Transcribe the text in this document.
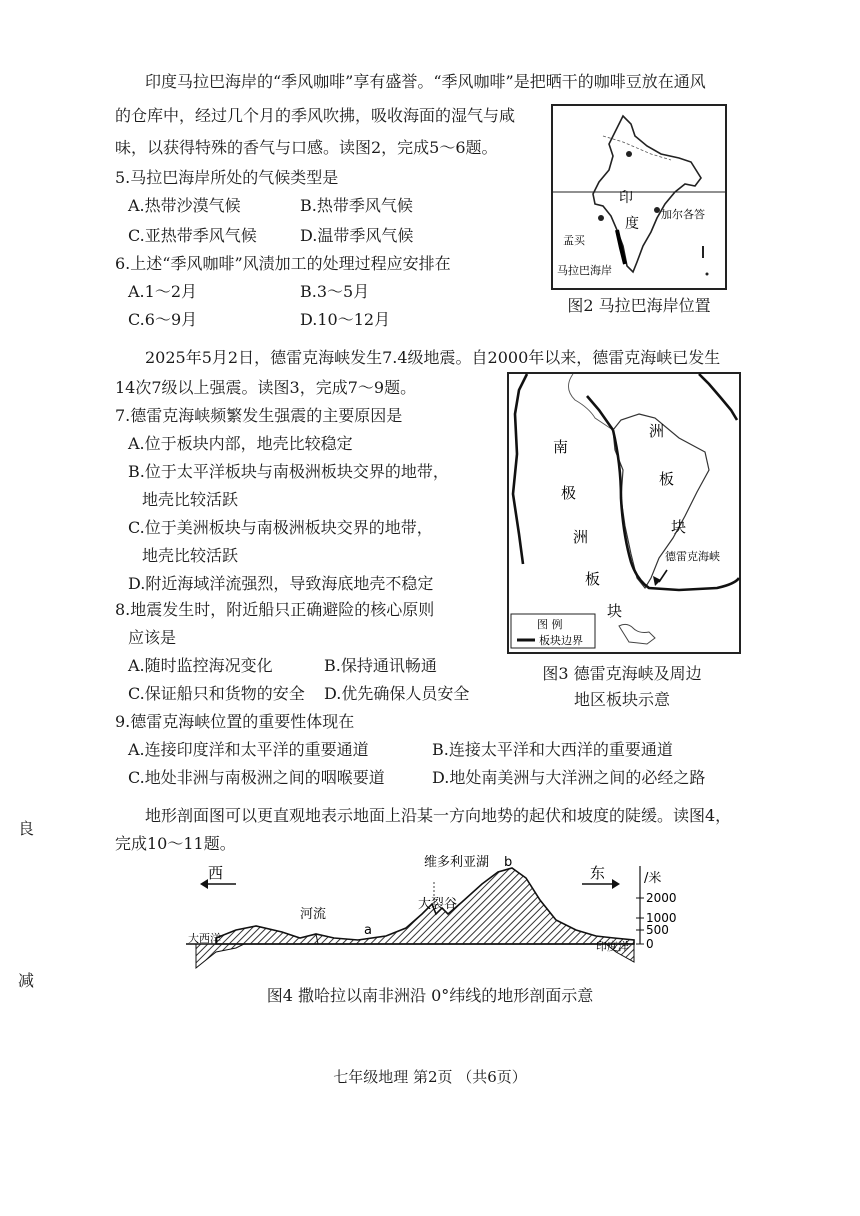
印度马拉巴海岸的“季风咖啡”享有盛誉。“季风咖啡”是把晒干的咖啡豆放在通风
的仓库中，经过几个月的季风吹拂，吸收海面的湿气与咸
味，以获得特殊的香气与口感。读图2，完成5～6题。
5.马拉巴海岸所处的气候类型是
A.热带沙漠气候	B.热带季风气候
C.亚热带季风气候	D.温带季风气候
6.上述“季风咖啡”风渍加工的处理过程应安排在
A.1～2月	B.3～5月
C.6～9月	D.10～12月
印
度
加尔各答
孟买
马拉巴海岸
图2 马拉巴海岸位置
2025年5月2日，德雷克海峡发生7.4级地震。自2000年以来，德雷克海峡已发生
14次7级以上强震。读图3，完成7～9题。
7.德雷克海峡频繁发生强震的主要原因是
A.位于板块内部，地壳比较稳定
B.位于太平洋板块与南极洲板块交界的地带，
地壳比较活跃
C.位于美洲板块与南极洲板块交界的地带，
地壳比较活跃
D.附近海域洋流强烈，导致海底地壳不稳定
8.地震发生时，附近船只正确避险的核心原则
应该是
A.随时监控海况变化	B.保持通讯畅通
C.保证船只和货物的安全 D.优先确保人员安全
9.德雷克海峡位置的重要性体现在
A.连接印度洋和太平洋的重要通道	B.连接太平洋和大西洋的重要通道
C.地处非洲与南极洲之间的咽喉要道	D.地处南美洲与大洋洲之间的必经之路
南
极
洲
板
块
洲
板
块
德雷克海峡
图 例
板块边界
图3 德雷克海峡及周边
地区板块示意
地形剖面图可以更直观地表示地面上沿某一方向地势的起伏和坡度的陡缓。读图4，
完成10～11题。
西	东	/米
维多利亚湖
河流
大裂谷
大西洋
印度洋
a
b
2000
1000
500
0
图4 撒哈拉以南非洲沿 0°纬线的地形剖面示意
良
减
七年级地理 第2页 （共6页）
